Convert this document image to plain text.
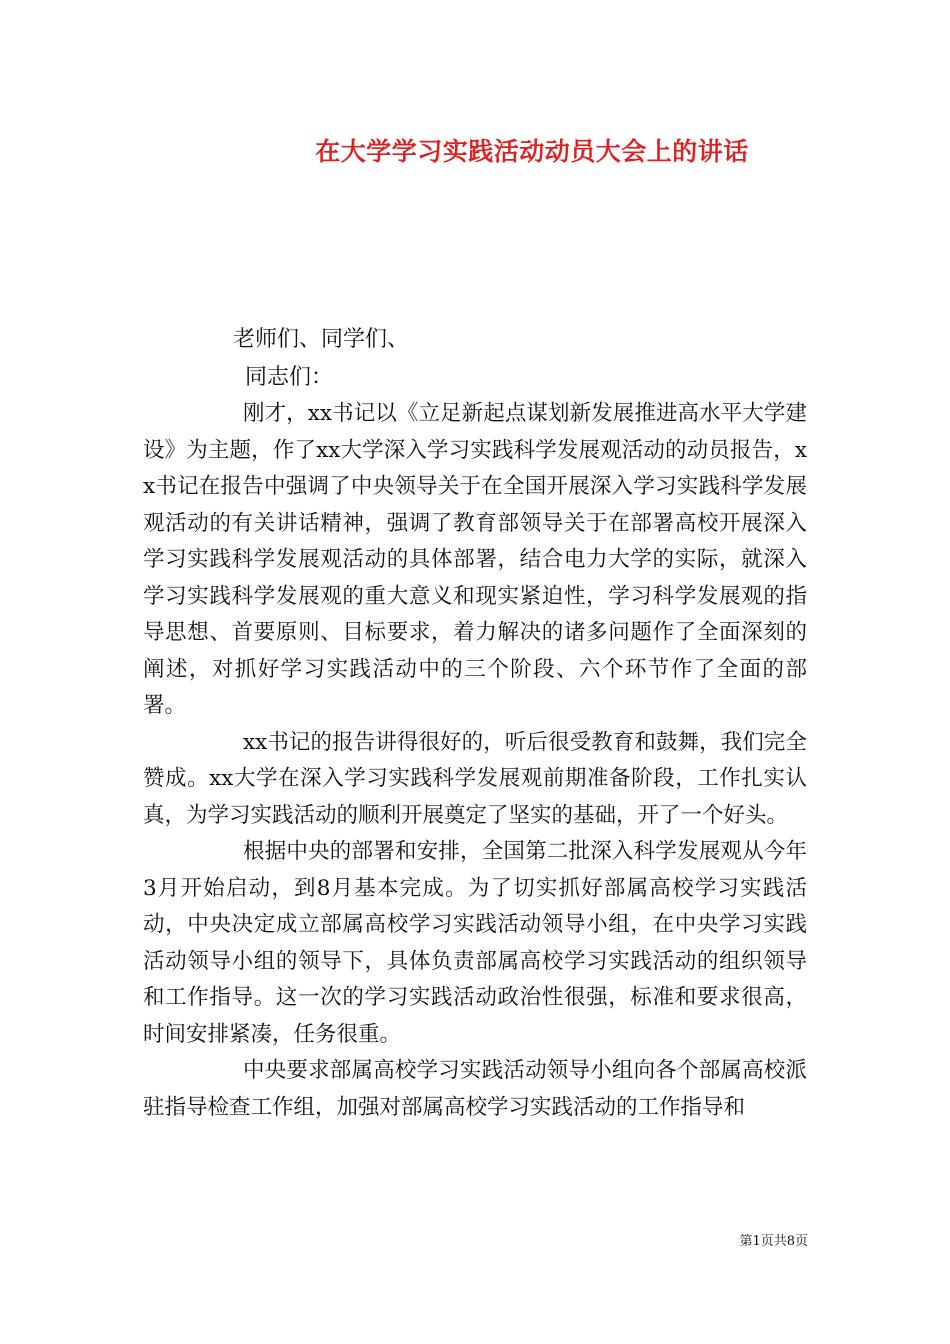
在大学学习实践活动动员大会上的讲话

老师们、同学们、

同志们：

刚才，xx书记以《立足新起点谋划新发展推进高水平大学建设》为主题，作了xx大学深入学习实践科学发展观活动的动员报告，xx书记在报告中强调了中央领导关于在全国开展深入学习实践科学发展观活动的有关讲话精神，强调了教育部领导关于在部署高校开展深入学习实践科学发展观活动的具体部署，结合电力大学的实际，就深入学习实践科学发展观的重大意义和现实紧迫性，学习科学发展观的指导思想、首要原则、目标要求，着力解决的诸多问题作了全面深刻的阐述，对抓好学习实践活动中的三个阶段、六个环节作了全面的部署。

xx书记的报告讲得很好的，听后很受教育和鼓舞，我们完全赞成。xx大学在深入学习实践科学发展观前期准备阶段，工作扎实认真，为学习实践活动的顺利开展奠定了坚实的基础，开了一个好头。

根据中央的部署和安排，全国第二批深入科学发展观从今年3月开始启动，到8月基本完成。为了切实抓好部属高校学习实践活动，中央决定成立部属高校学习实践活动领导小组，在中央学习实践活动领导小组的领导下，具体负责部属高校学习实践活动的组织领导和工作指导。这一次的学习实践活动政治性很强，标准和要求很高，时间安排紧凑，任务很重。

中央要求部属高校学习实践活动领导小组向各个部属高校派驻指导检查工作组，加强对部属高校学习实践活动的工作指导和

第1页共8页
